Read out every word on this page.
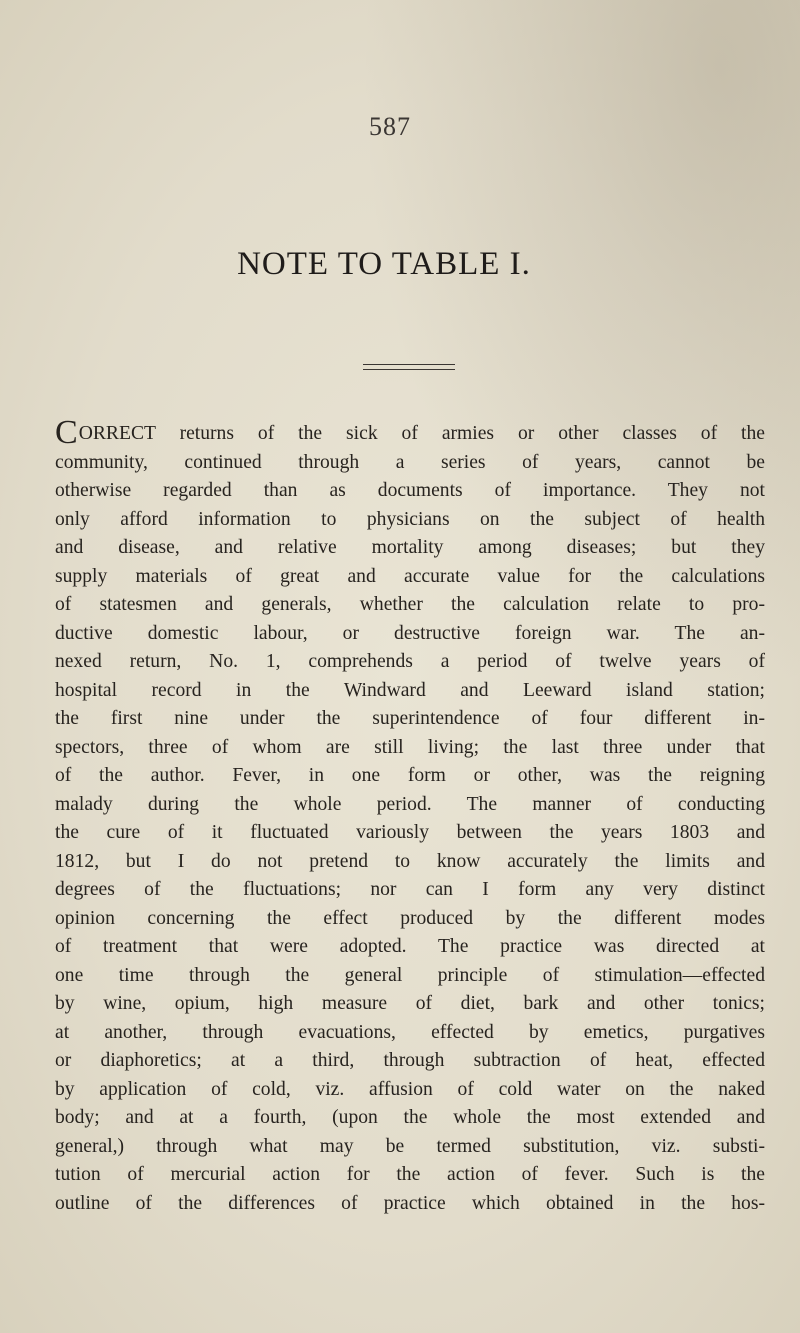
587
NOTE TO TABLE I.
CORRECT returns of the sick of armies or other classes of the
community, continued through a series of years, cannot be
otherwise regarded than as documents of importance. They not
only afford information to physicians on the subject of health
and disease, and relative mortality among diseases; but they
supply materials of great and accurate value for the calculations
of statesmen and generals, whether the calculation relate to pro-
ductive domestic labour, or destructive foreign war. The an-
nexed return, No. 1, comprehends a period of twelve years of
hospital record in the Windward and Leeward island station;
the first nine under the superintendence of four different in-
spectors, three of whom are still living; the last three under that
of the author. Fever, in one form or other, was the reigning
malady during the whole period. The manner of conducting
the cure of it fluctuated variously between the years 1803 and
1812, but I do not pretend to know accurately the limits and
degrees of the fluctuations; nor can I form any very distinct
opinion concerning the effect produced by the different modes
of treatment that were adopted. The practice was directed at
one time through the general principle of stimulation—effected
by wine, opium, high measure of diet, bark and other tonics;
at another, through evacuations, effected by emetics, purgatives
or diaphoretics; at a third, through subtraction of heat, effected
by application of cold, viz. affusion of cold water on the naked
body; and at a fourth, (upon the whole the most extended and
general,) through what may be termed substitution, viz. substi-
tution of mercurial action for the action of fever. Such is the
outline of the differences of practice which obtained in the hos-
